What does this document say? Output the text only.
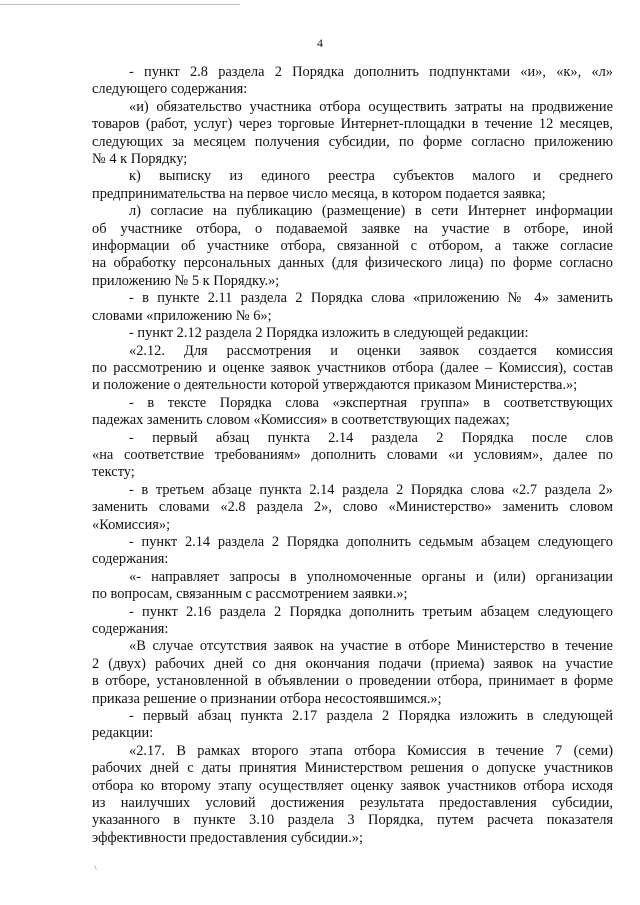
4

- пункт 2.8 раздела 2 Порядка дополнить подпунктами «и», «к», «л»

следующего содержания:

«и) обязательство участника отбора осуществить затраты на продвижение

товаров (работ, услуг) через торговые Интернет-площадки в течение 12 месяцев,

следующих за месяцем получения субсидии, по форме согласно приложению

№ 4 к Порядку;

к) выписку из единого реестра субъектов малого и среднего

предпринимательства на первое число месяца, в котором подается заявка;

л) согласие на публикацию (размещение) в сети Интернет информации

об участнике отбора, о подаваемой заявке на участие в отборе, иной

информации об участнике отбора, связанной с отбором, а также согласие

на обработку персональных данных (для физического лица) по форме согласно

приложению № 5 к Порядку.»;

- в пункте 2.11 раздела 2 Порядка слова «приложению № 4» заменить

словами «приложению № 6»;

- пункт 2.12 раздела 2 Порядка изложить в следующей редакции:

«2.12. Для рассмотрения и оценки заявок создается комиссия

по рассмотрению и оценке заявок участников отбора (далее – Комиссия), состав

и положение о деятельности которой утверждаются приказом Министерства.»;

- в тексте Порядка слова «экспертная группа» в соответствующих

падежах заменить словом «Комиссия» в соответствующих падежах;

- первый абзац пункта 2.14 раздела 2 Порядка после слов

«на соответствие требованиям» дополнить словами «и условиям», далее по

тексту;

- в третьем абзаце пункта 2.14 раздела 2 Порядка слова «2.7 раздела 2»

заменить словами «2.8 раздела 2», слово «Министерство» заменить словом

«Комиссия»;

- пункт 2.14 раздела 2 Порядка дополнить седьмым абзацем следующего

содержания:

«- направляет запросы в уполномоченные органы и (или) организации

по вопросам, связанным с рассмотрением заявки.»;

- пункт 2.16 раздела 2 Порядка дополнить третьим абзацем следующего

содержания:

«В случае отсутствия заявок на участие в отборе Министерство в течение

2 (двух) рабочих дней со дня окончания подачи (приема) заявок на участие

в отборе, установленной в объявлении о проведении отбора, принимает в форме

приказа решение о признании отбора несостоявшимся.»;

- первый абзац пункта 2.17 раздела 2 Порядка изложить в следующей

редакции:

«2.17. В рамках второго этапа отбора Комиссия в течение 7 (семи)

рабочих дней с даты принятия Министерством решения о допуске участников

отбора ко второму этапу осуществляет оценку заявок участников отбора исходя

из наилучших условий достижения результата предоставления субсидии,

указанного в пункте 3.10 раздела 3 Порядка, путем расчета показателя

эффективности предоставления субсидии.»;

⸜
